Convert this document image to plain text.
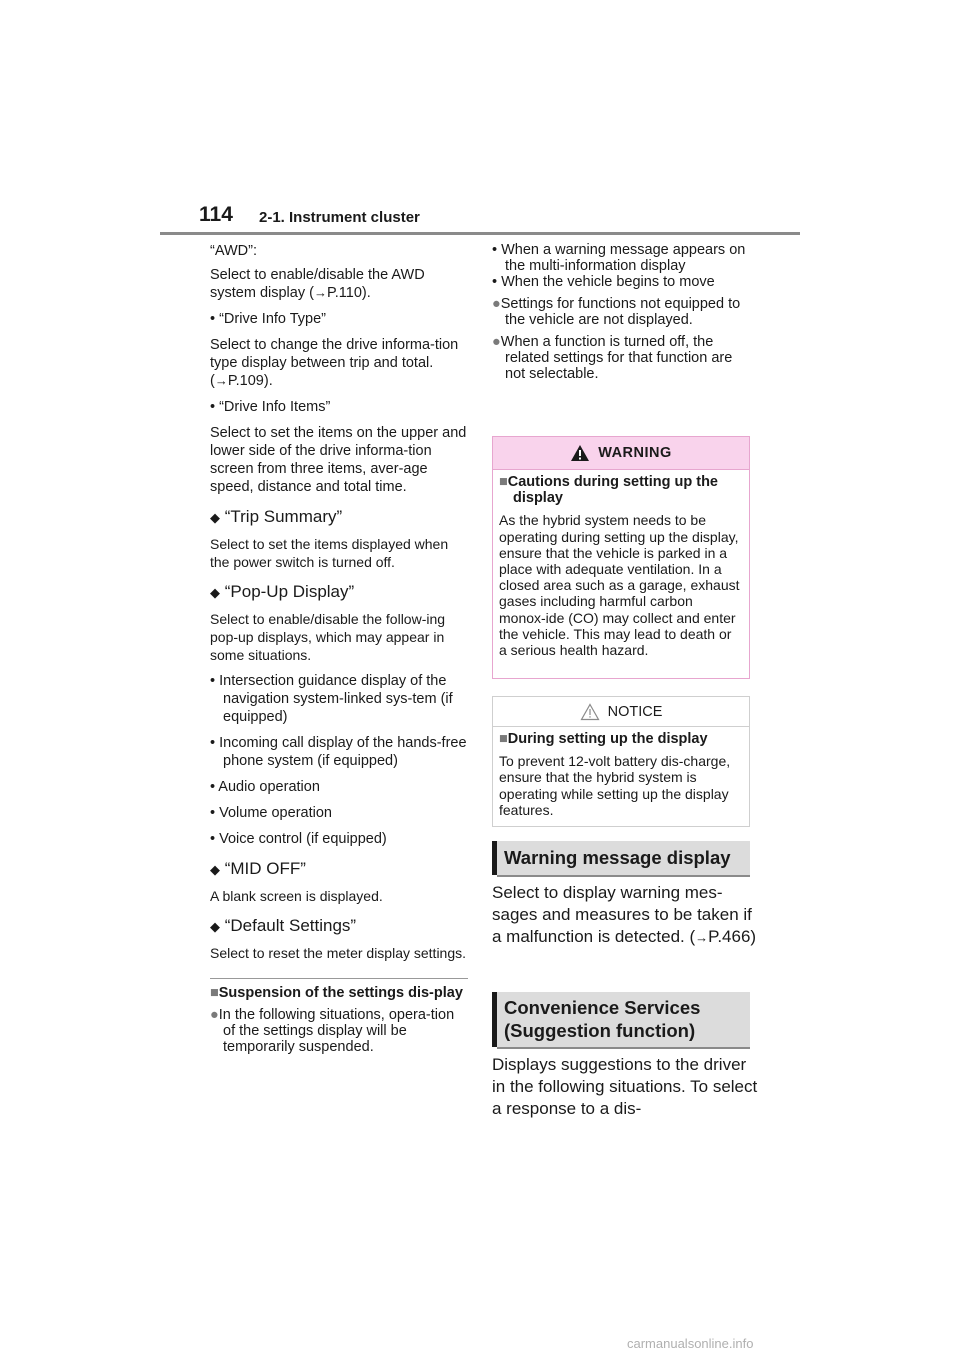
114 2-1. Instrument cluster

“AWD”:

Select to enable/disable the AWD system display (→P.110).

• “Drive Info Type”

Select to change the drive informa-tion type display between trip and total. (→P.109).

• “Drive Info Items”

Select to set the items on the upper and lower side of the drive informa-tion screen from three items, aver-age speed, distance and total time.

◆ “Trip Summary”

Select to set the items displayed when the power switch is turned off.

◆ “Pop-Up Display”

Select to enable/disable the follow-ing pop-up displays, which may appear in some situations.

• Intersection guidance display of the navigation system-linked sys-tem (if equipped)

• Incoming call display of the hands-free phone system (if equipped)

• Audio operation

• Volume operation

• Voice control (if equipped)

◆ “MID OFF”

A blank screen is displayed.

◆ “Default Settings”

Select to reset the meter display settings.

■Suspension of the settings dis-play

●In the following situations, opera-tion of the settings display will be temporarily suspended.

• When a warning message appears on the multi-information display

• When the vehicle begins to move

●Settings for functions not equipped to the vehicle are not displayed.

●When a function is turned off, the related settings for that function are not selectable.

WARNING

■Cautions during setting up the display

As the hybrid system needs to be operating during setting up the display, ensure that the vehicle is parked in a place with adequate ventilation. In a closed area such as a garage, exhaust gases including harmful carbon monox-ide (CO) may collect and enter the vehicle. This may lead to death or a serious health hazard.

NOTICE

■During setting up the display

To prevent 12-volt battery dis-charge, ensure that the hybrid system is operating while setting up the display features.

Warning message display

Select to display warning mes-sages and measures to be taken if a malfunction is detected. (→P.466)

Convenience Services (Suggestion function)

Displays suggestions to the driver in the following situations. To select a response to a dis-

carmanualsonline.info
